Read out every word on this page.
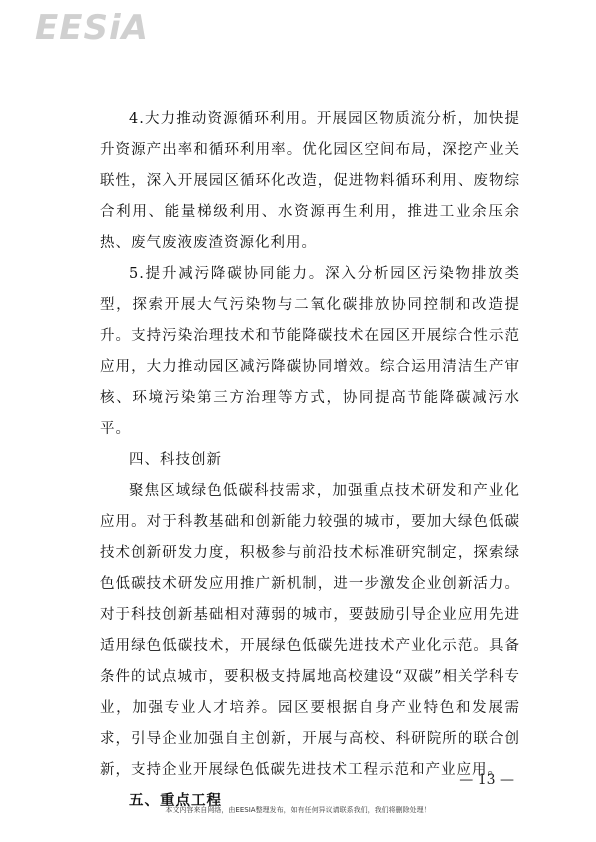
EESiA

4.大力推动资源循环利用。开展园区物质流分析，加快提升资源产出率和循环利用率。优化园区空间布局，深挖产业关联性，深入开展园区循环化改造，促进物料循环利用、废物综合利用、能量梯级利用、水资源再生利用，推进工业余压余热、废气废液废渣资源化利用。

5.提升减污降碳协同能力。深入分析园区污染物排放类型，探索开展大气污染物与二氧化碳排放协同控制和改造提升。支持污染治理技术和节能降碳技术在园区开展综合性示范应用，大力推动园区减污降碳协同增效。综合运用清洁生产审核、环境污染第三方治理等方式，协同提高节能降碳减污水平。

四、科技创新

聚焦区域绿色低碳科技需求，加强重点技术研发和产业化应用。对于科教基础和创新能力较强的城市，要加大绿色低碳技术创新研发力度，积极参与前沿技术标准研究制定，探索绿色低碳技术研发应用推广新机制，进一步激发企业创新活力。对于科技创新基础相对薄弱的城市，要鼓励引导企业应用先进适用绿色低碳技术，开展绿色低碳先进技术产业化示范。具备条件的试点城市，要积极支持属地高校建设“双碳”相关学科专业，加强专业人才培养。园区要根据自身产业特色和发展需求，引导企业加强自主创新，开展与高校、科研院所的联合创新，支持企业开展绿色低碳先进技术工程示范和产业应用。

五、重点工程

— 13 —
本文内容来自网络，由EESIA整理发布，如有任何异议请联系我们，我们将删除处理！
